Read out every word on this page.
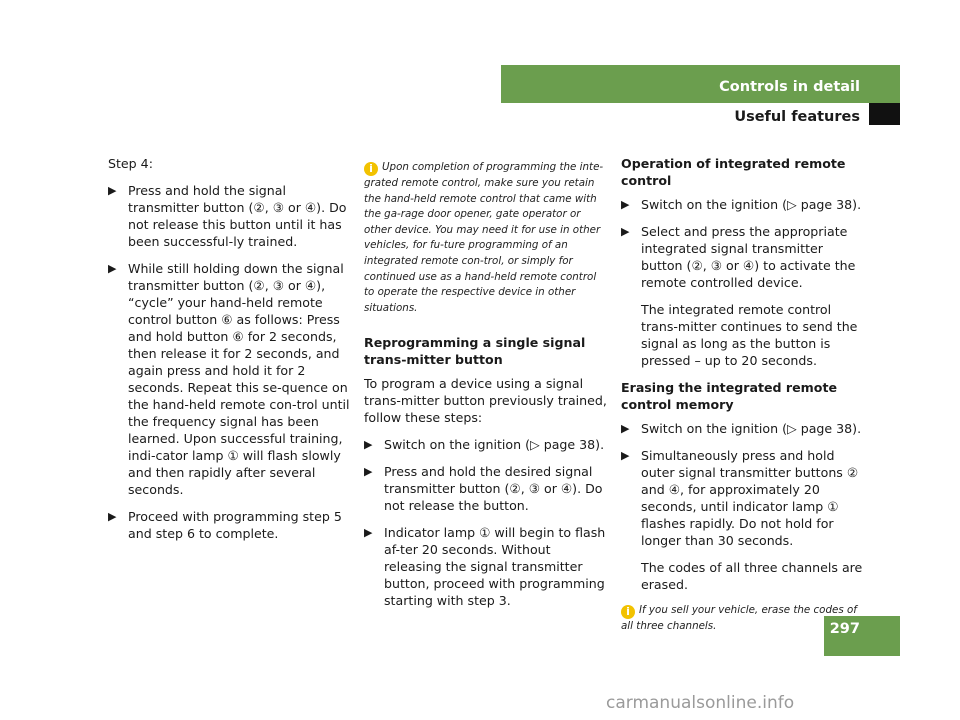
Controls in detail
Useful features

Step 4:

▶ Press and hold the signal transmitter button (②, ③ or ④). Do not release this button until it has been successful-ly trained.
▶ While still holding down the signal transmitter button (②, ③ or ④), “cycle” your hand-held remote control button ⑥ as follows: Press and hold button ⑥ for 2 seconds, then release it for 2 seconds, and again press and hold it for 2 seconds. Repeat this se-quence on the hand-held remote con-trol until the frequency signal has been learned. Upon successful training, indi-cator lamp ① will flash slowly and then rapidly after several seconds.
▶ Proceed with programming step 5 and step 6 to complete.

i Upon completion of programming the inte-grated remote control, make sure you retain the hand-held remote control that came with the ga-rage door opener, gate operator or other device. You may need it for use in other vehicles, for fu-ture programming of an integrated remote con-trol, or simply for continued use as a hand-held remote control to operate the respective device in other situations.

Reprogramming a single signal trans-mitter button

To program a device using a signal trans-mitter button previously trained, follow these steps:

▶ Switch on the ignition (▷ page 38).
▶ Press and hold the desired signal transmitter button (②, ③ or ④). Do not release the button.
▶ Indicator lamp ① will begin to flash af-ter 20 seconds. Without releasing the signal transmitter button, proceed with programming starting with step 3.

Operation of integrated remote control

▶ Switch on the ignition (▷ page 38).
▶ Select and press the appropriate integrated signal transmitter button (②, ③ or ④) to activate the remote controlled device.

The integrated remote control trans-mitter continues to send the signal as long as the button is pressed – up to 20 seconds.

Erasing the integrated remote control memory

▶ Switch on the ignition (▷ page 38).
▶ Simultaneously press and hold outer signal transmitter buttons ② and ④, for approximately 20 seconds, until indicator lamp ① flashes rapidly. Do not hold for longer than 30 seconds.

The codes of all three channels are erased.

i If you sell your vehicle, erase the codes of all three channels.	297
carmanualsonline.info
